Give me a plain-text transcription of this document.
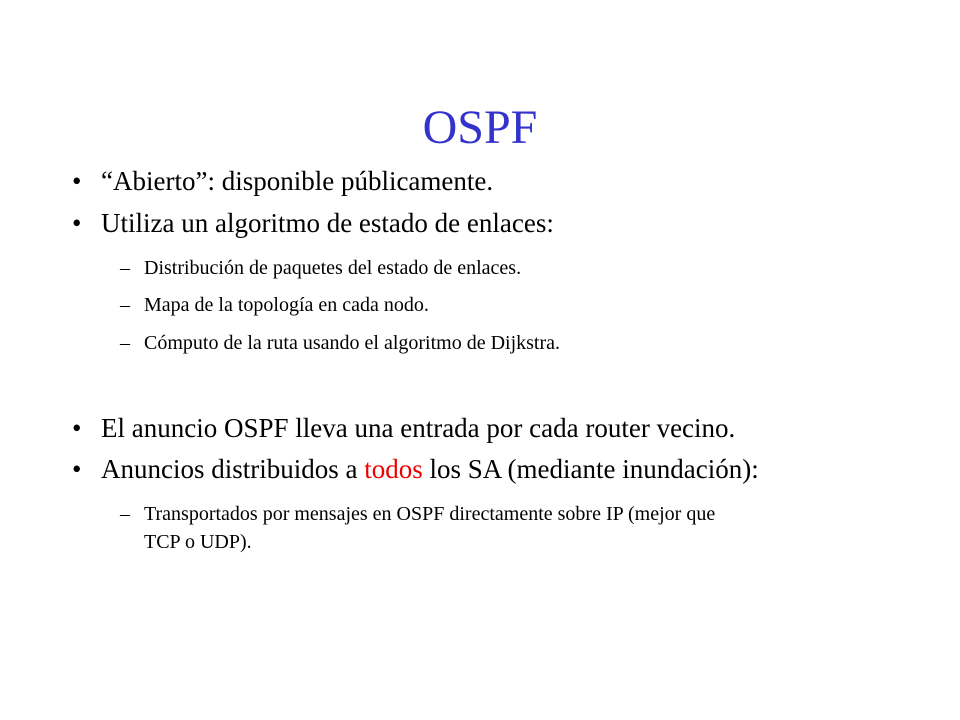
OSPF
• “Abierto”: disponible públicamente.
• Utiliza un algoritmo de estado de enlaces:
– Distribución de paquetes del estado de enlaces.
– Mapa de la topología en cada nodo.
– Cómputo de la ruta usando el algoritmo de Dijkstra.
• El anuncio OSPF lleva una entrada por cada router vecino.
• Anuncios distribuidos a todos los SA (mediante inundación):
– Transportados por mensajes en OSPF directamente sobre IP (mejor que
TCP o UDP).
